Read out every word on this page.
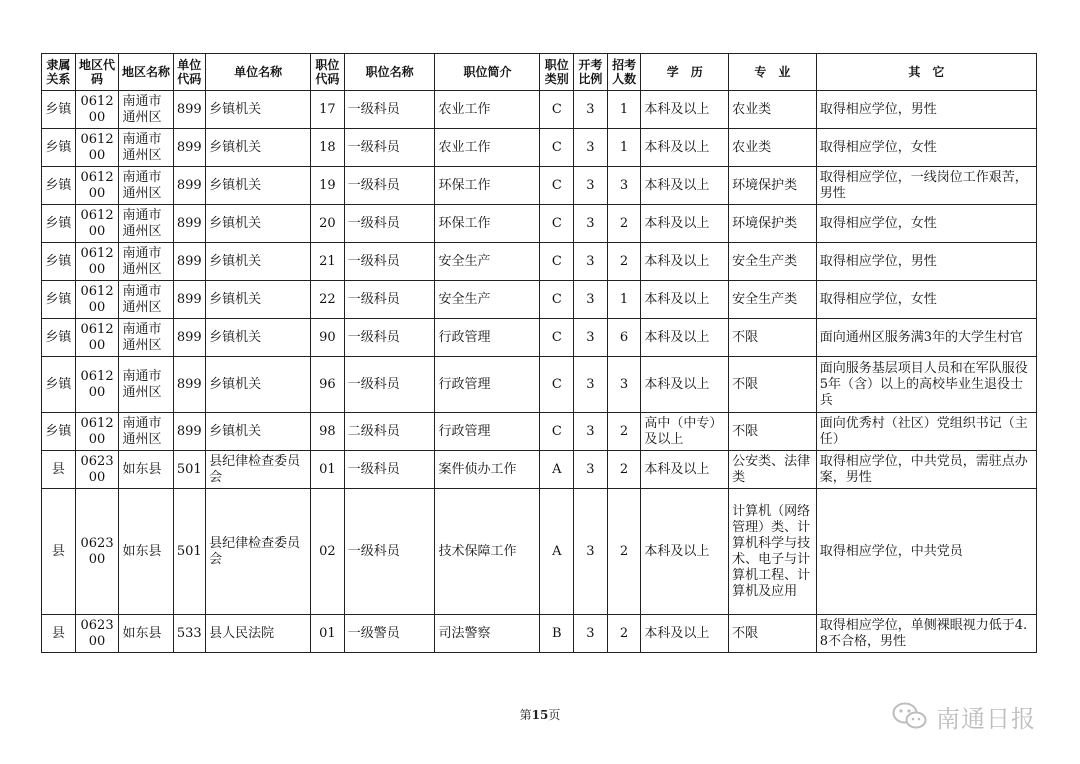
隶属关系	地区代码	地区名称	单位代码	单位名称	职位代码	职位名称	职位简介	职位类别	开考比例	招考人数	学　历	专　业	其　它
乡镇	061200	南通市通州区	899	乡镇机关	17	一级科员	农业工作	C	3	1	本科及以上	农业类	取得相应学位，男性
乡镇	061200	南通市通州区	899	乡镇机关	18	一级科员	农业工作	C	3	1	本科及以上	农业类	取得相应学位，女性
乡镇	061200	南通市通州区	899	乡镇机关	19	一级科员	环保工作	C	3	3	本科及以上	环境保护类	取得相应学位，一线岗位工作艰苦，男性
乡镇	061200	南通市通州区	899	乡镇机关	20	一级科员	环保工作	C	3	2	本科及以上	环境保护类	取得相应学位，女性
乡镇	061200	南通市通州区	899	乡镇机关	21	一级科员	安全生产	C	3	2	本科及以上	安全生产类	取得相应学位，男性
乡镇	061200	南通市通州区	899	乡镇机关	22	一级科员	安全生产	C	3	1	本科及以上	安全生产类	取得相应学位，女性
乡镇	061200	南通市通州区	899	乡镇机关	90	一级科员	行政管理	C	3	6	本科及以上	不限	面向通州区服务满3年的大学生村官
乡镇	061200	南通市通州区	899	乡镇机关	96	一级科员	行政管理	C	3	3	本科及以上	不限	面向服务基层项目人员和在军队服役5年（含）以上的高校毕业生退役士兵
乡镇	061200	南通市通州区	899	乡镇机关	98	二级科员	行政管理	C	3	2	高中（中专）及以上	不限	面向优秀村（社区）党组织书记（主任）
县	062300	如东县	501	县纪律检查委员会	01	一级科员	案件侦办工作	A	3	2	本科及以上	公安类、法律类	取得相应学位，中共党员，需驻点办案，男性
县	062300	如东县	501	县纪律检查委员会	02	一级科员	技术保障工作	A	3	2	本科及以上	计算机（网络管理）类、计算机科学与技术、电子与计算机工程、计算机及应用	取得相应学位，中共党员
县	062300	如东县	533	县人民法院	01	一级警员	司法警察	B	3	2	本科及以上	不限	取得相应学位，单侧裸眼视力低于4.8不合格，男性
第15页	南通日报
